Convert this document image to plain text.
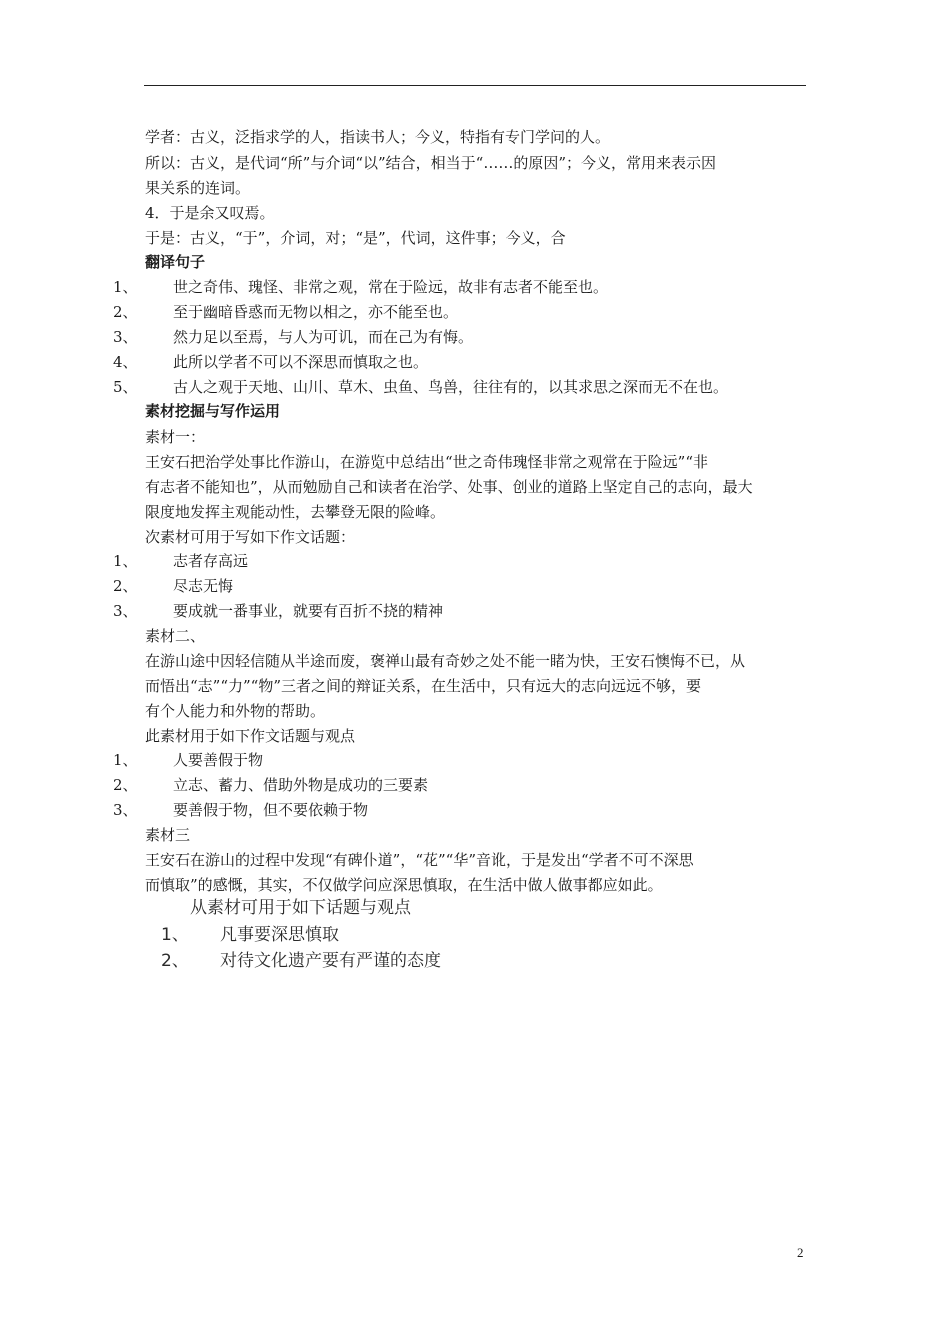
学者：古义，泛指求学的人，指读书人；今义，特指有专门学问的人。
所以：古义，是代词“所”与介词“以”结合，相当于“……的原因”；今义，常用来表示因
果关系的连词。
4．于是余又叹焉。
于是：古义，“于”，介词，对；“是”，代词，这件事；今义，合
翻译句子
1、 世之奇伟、瑰怪、非常之观，常在于险远，故非有志者不能至也。
2、 至于幽暗昏惑而无物以相之，亦不能至也。
3、 然力足以至焉，与人为可讥，而在己为有悔。
4、 此所以学者不可以不深思而慎取之也。
5、 古人之观于天地、山川、草木、虫鱼、鸟兽，往往有的，以其求思之深而无不在也。
素材挖掘与写作运用
素材一：
王安石把治学处事比作游山，在游览中总结出“世之奇伟瑰怪非常之观常在于险远”“非
有志者不能知也”，从而勉励自己和读者在治学、处事、创业的道路上坚定自己的志向，最大
限度地发挥主观能动性，去攀登无限的险峰。
次素材可用于写如下作文话题：
1、 志者存高远
2、 尽志无悔
3、 要成就一番事业，就要有百折不挠的精神
素材二、
在游山途中因轻信随从半途而废，褒禅山最有奇妙之处不能一睹为快，王安石懊悔不已，从
而悟出“志”“力”“物”三者之间的辩证关系，在生活中，只有远大的志向远远不够，要
有个人能力和外物的帮助。
此素材用于如下作文话题与观点
1、 人要善假于物
2、 立志、蓄力、借助外物是成功的三要素
3、 要善假于物，但不要依赖于物
素材三
王安石在游山的过程中发现“有碑仆道”，“花”“华”音讹，于是发出“学者不可不深思
而慎取”的感慨，其实，不仅做学问应深思慎取，在生活中做人做事都应如此。
从素材可用于如下话题与观点
1、 凡事要深思慎取
2、 对待文化遗产要有严谨的态度
2
